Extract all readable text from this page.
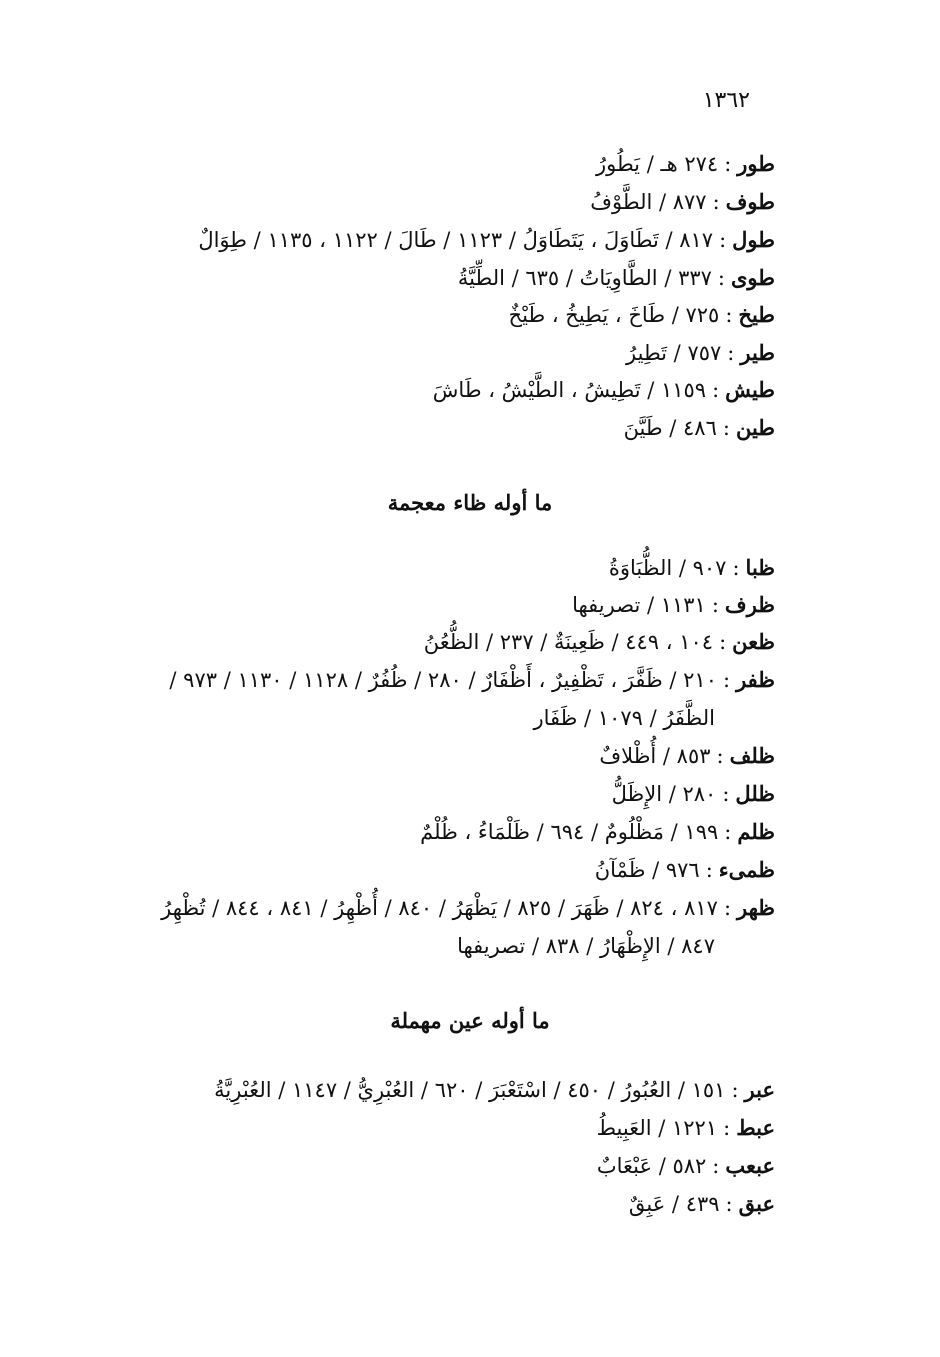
١٣٦٢
طور:٢٧٤ هـ / يَطُورُ
طوف:٨٧٧ / الطَّوْفُ
طول:٨١٧ / تَطَاوَلَ ، يَتَطَاوَلُ / ١١٢٣ / طَالَ / ١١٢٢ ، ١١٣٥ / طِوَالٌ
طوى:٣٣٧ / الطَّاوِيَاتُ / ٦٣٥ / الطِّيَّةُ
طيخ:٧٢٥ / طَاخَ ، يَطِيخُ ، طَيْخٌ
طير:٧٥٧ / تَطِيرُ
طيش:١١٥٩ / تَطِيشُ ، الطَّيْشُ ، طَاشَ
طين:٤٨٦ / طَيَّنَ
ما أوله ظاء معجمة
ظبا:٩٠٧ / الظُّبَاوَةُ
ظرف:١١٣١ / تصريفها
ظعن:١٠٤ ، ٤٤٩ / ظَعِينَةٌ / ٢٣٧ / الظُّعُنُ
ظفر:٢١٠ / ظَفَّرَ ، تَظْفِيرٌ ، أَظْفَارٌ / ٢٨٠ / ظُفُرٌ / ١١٢٨ / ١١٣٠ / ٩٧٣ /
الظَّفَرُ / ١٠٧٩ / ظَفَار
ظلف:٨٥٣ / أُظْلافٌ
ظلل:٢٨٠ / الإِظَلُّ
ظلم:١٩٩ / مَظْلُومٌ / ٦٩٤ / ظَلْمَاءُ ، ظُلْمٌ
ظمىء:٩٧٦ / ظَمْآنُ
ظهر:٨١٧ ، ٨٢٤ / ظَهَرَ / ٨٢٥ / يَظْهَرُ / ٨٤٠ / أُظْهِرُ / ٨٤١ ، ٨٤٤ / تُظْهِرُ
٨٤٧ / الإِظْهَارُ / ٨٣٨ / تصريفها
ما أوله عين مهملة
عبر:١٥١ / العُبُورُ / ٤٥٠ / اسْتَعْبَرَ / ٦٢٠ / العُبْرِيُّ / ١١٤٧ / العُبْرِيَّةُ
عبط:١٢٢١ / العَبِيطُ
عبعب:٥٨٢ / عَبْعَابٌ
عبق:٤٣٩ / عَبِقٌ
